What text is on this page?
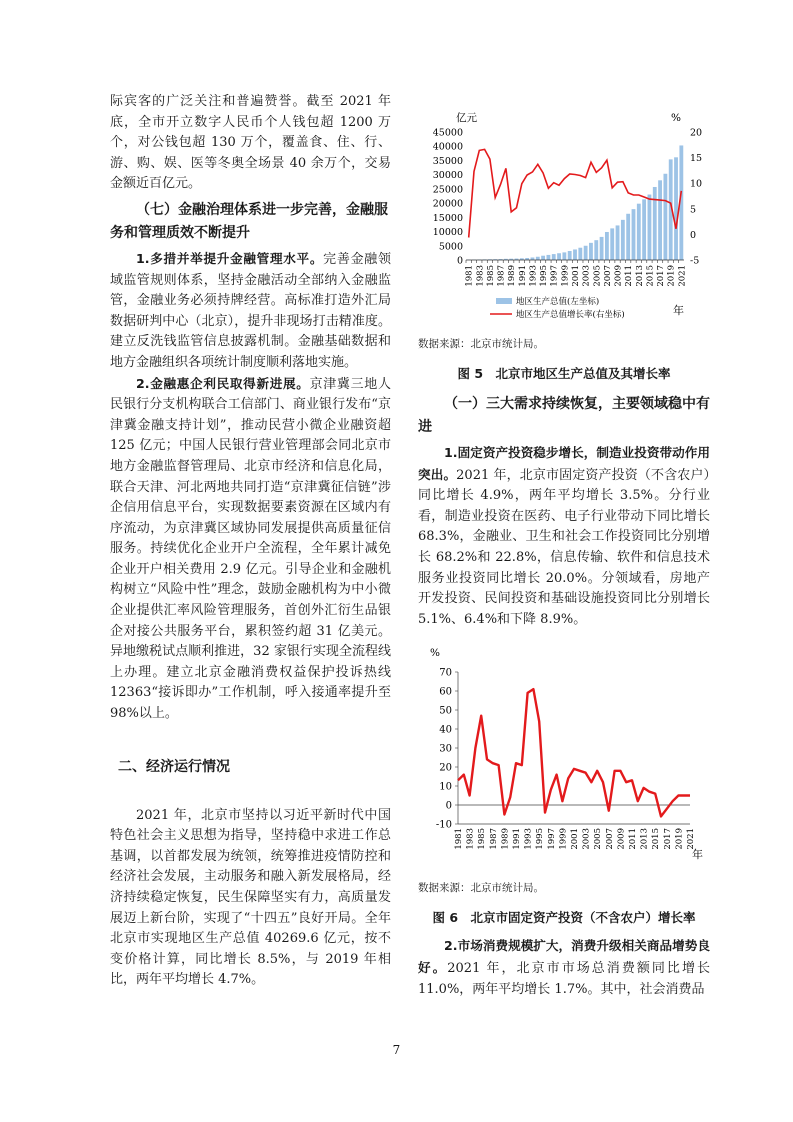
际宾客的广泛关注和普遍赞誉。截至 2021 年底，全市开立数字人民币个人钱包超 1200 万个，对公钱包超 130 万个，覆盖食、住、行、游、购、娱、医等冬奥全场景 40 余万个，交易金额近百亿元。

（七）金融治理体系进一步完善，金融服务和管理质效不断提升

1.多措并举提升金融管理水平。完善金融领域监管规则体系，坚持金融活动全部纳入金融监管，金融业务必须持牌经营。高标准打造外汇局数据研判中心（北京），提升非现场打击精准度。建立反洗钱监管信息披露机制。金融基础数据和地方金融组织各项统计制度顺利落地实施。

2.金融惠企利民取得新进展。京津冀三地人民银行分支机构联合工信部门、商业银行发布“京津冀金融支持计划”，推动民营小微企业融资超 125 亿元；中国人民银行营业管理部会同北京市地方金融监督管理局、北京市经济和信息化局，联合天津、河北两地共同打造“京津冀征信链”涉企信用信息平台，实现数据要素资源在区域内有序流动，为京津冀区域协同发展提供高质量征信服务。持续优化企业开户全流程，全年累计减免企业开户相关费用 2.9 亿元。引导企业和金融机构树立“风险中性”理念，鼓励金融机构为中小微企业提供汇率风险管理服务，首创外汇衍生品银企对接公共服务平台，累积签约超 31 亿美元。异地缴税试点顺利推进，32 家银行实现全流程线上办理。建立北京金融消费权益保护投诉热线 12363“接诉即办”工作机制，呼入接通率提升至 98%以上。

二、经济运行情况

2021 年，北京市坚持以习近平新时代中国特色社会主义思想为指导，坚持稳中求进工作总基调，以首都发展为统领，统筹推进疫情防控和经济社会发展，主动服务和融入新发展格局，经济持续稳定恢复，民生保障坚实有力，高质量发展迈上新台阶，实现了“十四五”良好开局。全年北京市实现地区生产总值 40269.6 亿元，按不变价格计算，同比增长 8.5%，与 2019 年相比，两年平均增长 4.7%。

亿元	%
0
5000
10000
15000
20000
25000
30000
35000
40000
45000
-5
0
5
10
15
20
1981 1983 1985 1987 1989 1991 1993 1995 1997 1999 2001 2003 2005 2007 2009 2011 2013 2015 2017 2019 2021
地区生产总值(左坐标)
地区生产总值增长率(右坐标)	年

数据来源：北京市统计局。

图 5　北京市地区生产总值及其增长率

（一）三大需求持续恢复，主要领域稳中有进

1.固定资产投资稳步增长，制造业投资带动作用突出。2021 年，北京市固定资产投资（不含农户）同比增长 4.9%，两年平均增长 3.5%。分行业看，制造业投资在医药、电子行业带动下同比增长 68.3%，金融业、卫生和社会工作投资同比分别增长 68.2%和 22.8%，信息传输、软件和信息技术服务业投资同比增长 20.0%。分领域看，房地产开发投资、民间投资和基础设施投资同比分别增长 5.1%、6.4%和下降 8.9%。

%
-10
0
10
20
30
40
50
60
70
1981 1983 1985 1987 1989 1991 1993 1995 1997 1999 2001 2003 2005 2007 2009 2011 2013 2015 2017 2019 2021
年

数据来源：北京市统计局。

图 6　北京市固定资产投资（不含农户）增长率

2.市场消费规模扩大，消费升级相关商品增势良好。2021 年，北京市市场总消费额同比增长 11.0%，两年平均增长 1.7%。其中，社会消费品

7
